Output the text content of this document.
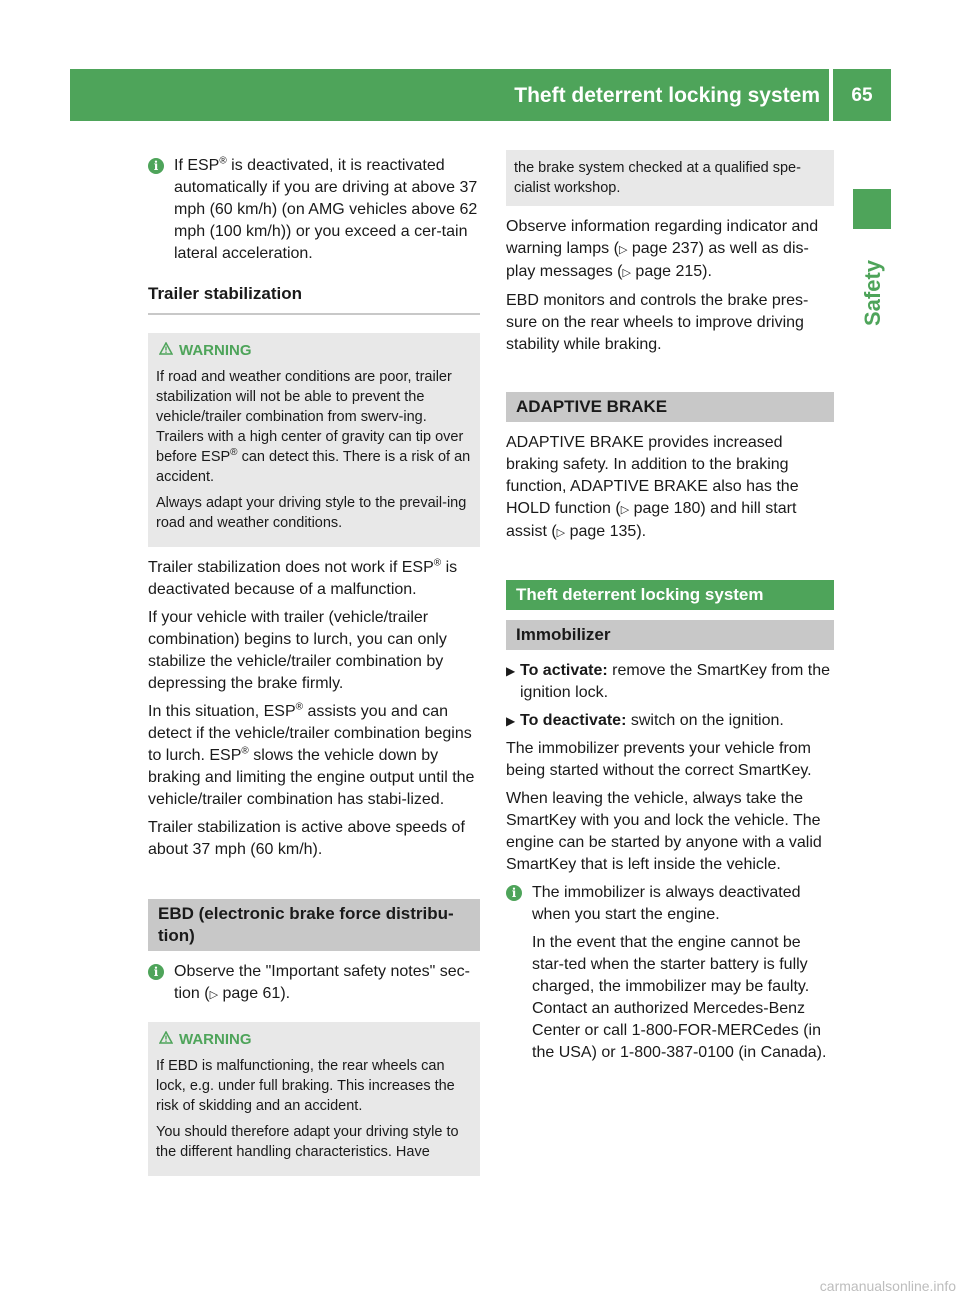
Theft deterrent locking system	65
Safety
i If ESP® is deactivated, it is reactivated automatically if you are driving at above 37 mph (60 km/h) (on AMG vehicles above 62 mph (100 km/h)) or you exceed a cer-tain lateral acceleration.

Trailer stabilization
WARNING

If road and weather conditions are poor, trailer stabilization will not be able to prevent the vehicle/trailer combination from swerv-ing. Trailers with a high center of gravity can tip over before ESP® can detect this. There is a risk of an accident.

Always adapt your driving style to the prevail-ing road and weather conditions.

Trailer stabilization does not work if ESP® is deactivated because of a malfunction.

If your vehicle with trailer (vehicle/trailer combination) begins to lurch, you can only stabilize the vehicle/trailer combination by depressing the brake firmly.

In this situation, ESP® assists you and can detect if the vehicle/trailer combination begins to lurch. ESP® slows the vehicle down by braking and limiting the engine output until the vehicle/trailer combination has stabi-lized.

Trailer stabilization is active above speeds of about 37 mph (60 km/h).

EBD (electronic brake force distribu-tion)
i Observe the "Important safety notes" sec-tion (▷ page 61).

WARNING

If EBD is malfunctioning, the rear wheels can lock, e.g. under full braking. This increases the risk of skidding and an accident.

You should therefore adapt your driving style to the different handling characteristics. Have

the brake system checked at a qualified spe-cialist workshop.

Observe information regarding indicator and warning lamps (▷ page 237) as well as dis-play messages (▷ page 215).

EBD monitors and controls the brake pres-sure on the rear wheels to improve driving stability while braking.

ADAPTIVE BRAKE

ADAPTIVE BRAKE provides increased braking safety. In addition to the braking function, ADAPTIVE BRAKE also has the HOLD function (▷ page 180) and hill start assist (▷ page 135).

Theft deterrent locking system
Immobilizer
▶ To activate: remove the SmartKey from the ignition lock.
▶ To deactivate: switch on the ignition.

The immobilizer prevents your vehicle from being started without the correct SmartKey.

When leaving the vehicle, always take the SmartKey with you and lock the vehicle. The engine can be started by anyone with a valid SmartKey that is left inside the vehicle.

i The immobilizer is always deactivated when you start the engine.

In the event that the engine cannot be star-ted when the starter battery is fully charged, the immobilizer may be faulty. Contact an authorized Mercedes-Benz Center or call 1-800-FOR-MERCedes (in the USA) or 1-800-387-0100 (in Canada).

carmanualsonline.info
